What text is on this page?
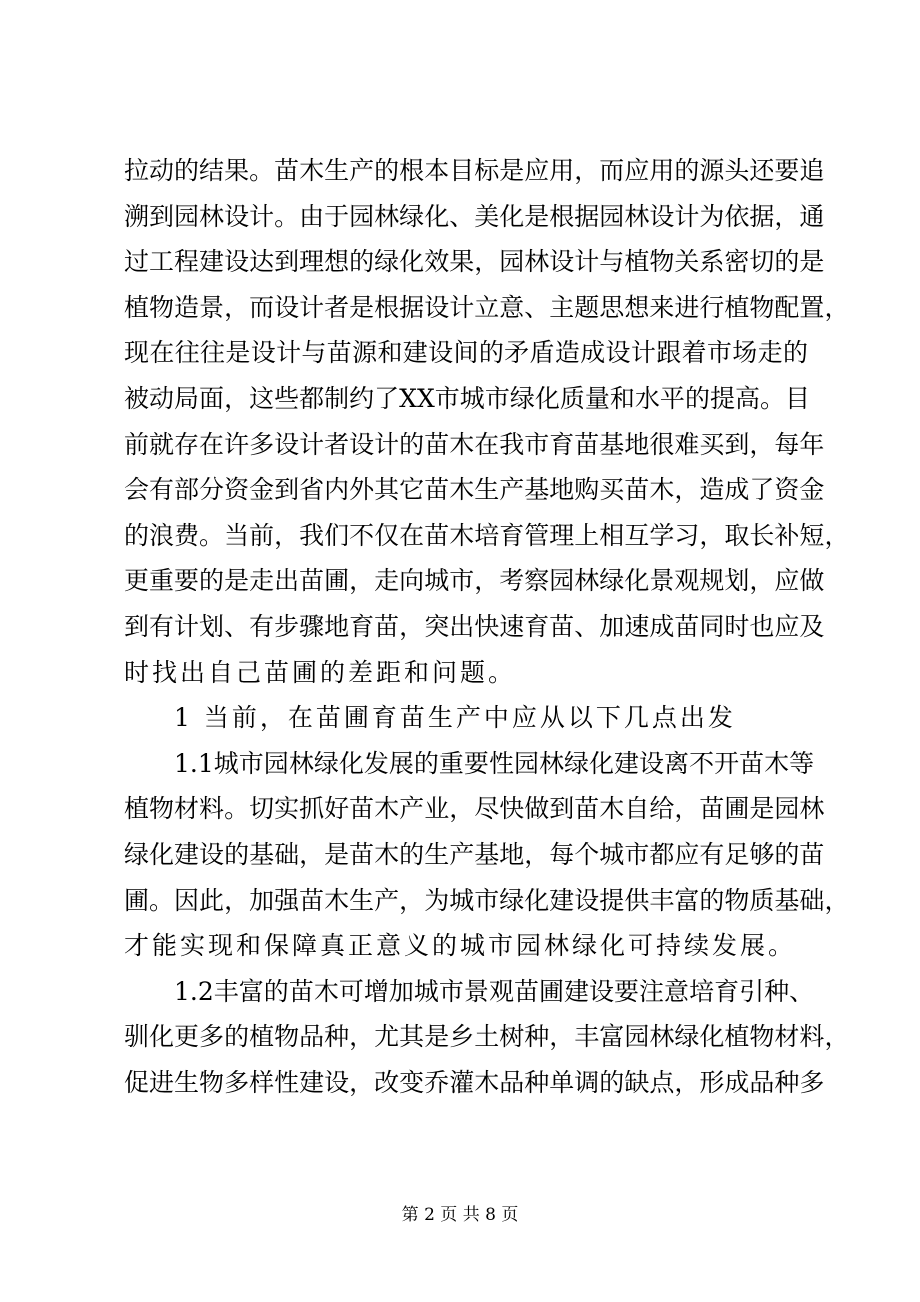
拉 动 的 结 果 。 苗 木 生 产 的 根 本 目 标 是 应 用 ， 而 应 用 的 源 头 还 要 追
溯 到 园 林 设 计 。 由 于 园 林 绿 化 、 美 化 是 根 据 园 林 设 计 为 依 据 ， 通
过 工 程 建 设 达 到 理 想 的 绿 化 效 果 ， 园 林 设 计 与 植 物 关 系 密 切 的 是
植 物 造 景 ， 而 设 计 者 是 根 据 设 计 立 意 、 主 题 思 想 来 进 行 植 物 配 置 ，
现 在 往 往 是 设 计 与 苗 源 和 建 设 间 的 矛 盾 造 成 设 计 跟 着 市 场 走 的
被 动 局 面 ， 这 些 都 制 约 了 XX 市 城 市 绿 化 质 量 和 水 平 的 提 高 。 目
前 就 存 在 许 多 设 计 者 设 计 的 苗 木 在 我 市 育 苗 基 地 很 难 买 到 ， 每 年
会 有 部 分 资 金 到 省 内 外 其 它 苗 木 生 产 基 地 购 买 苗 木 ， 造 成 了 资 金
的 浪 费 。 当 前 ， 我 们 不 仅 在 苗 木 培 育 管 理 上 相 互 学 习 ， 取 长 补 短 ，
更 重 要 的 是 走 出 苗 圃 ， 走 向 城 市 ， 考 察 园 林 绿 化 景 观 规 划 ， 应 做
到 有 计 划 、 有 步 骤 地 育 苗 ， 突 出 快 速 育 苗 、 加 速 成 苗 同 时 也 应 及
时找出自己苗圃的差距和问题。
1 当前，在苗圃育苗生产中应从以下几点出发
1.1 城 市 园 林 绿 化 发 展 的 重 要 性 园 林 绿 化 建 设 离 不 开 苗 木 等
植 物 材 料 。 切 实 抓 好 苗 木 产 业 ， 尽 快 做 到 苗 木 自 给 ， 苗 圃 是 园 林
绿 化 建 设 的 基 础 ， 是 苗 木 的 生 产 基 地 ， 每 个 城 市 都 应 有 足 够 的 苗
圃 。 因 此 ， 加 强 苗 木 生 产 ， 为 城 市 绿 化 建 设 提 供 丰 富 的 物 质 基 础 ，
才能实现和保障真正意义的城市园林绿化可持续发展。
1.2 丰 富 的 苗 木 可 增 加 城 市 景 观 苗 圃 建 设 要 注 意 培 育 引 种 、
驯 化 更 多 的 植 物 品 种 ， 尤 其 是 乡 土 树 种 ， 丰 富 园 林 绿 化 植 物 材 料 ，
促 进 生 物 多 样 性 建 设 ， 改 变 乔 灌 木 品 种 单 调 的 缺 点 ， 形 成 品 种 多
第 2 页 共 8 页
